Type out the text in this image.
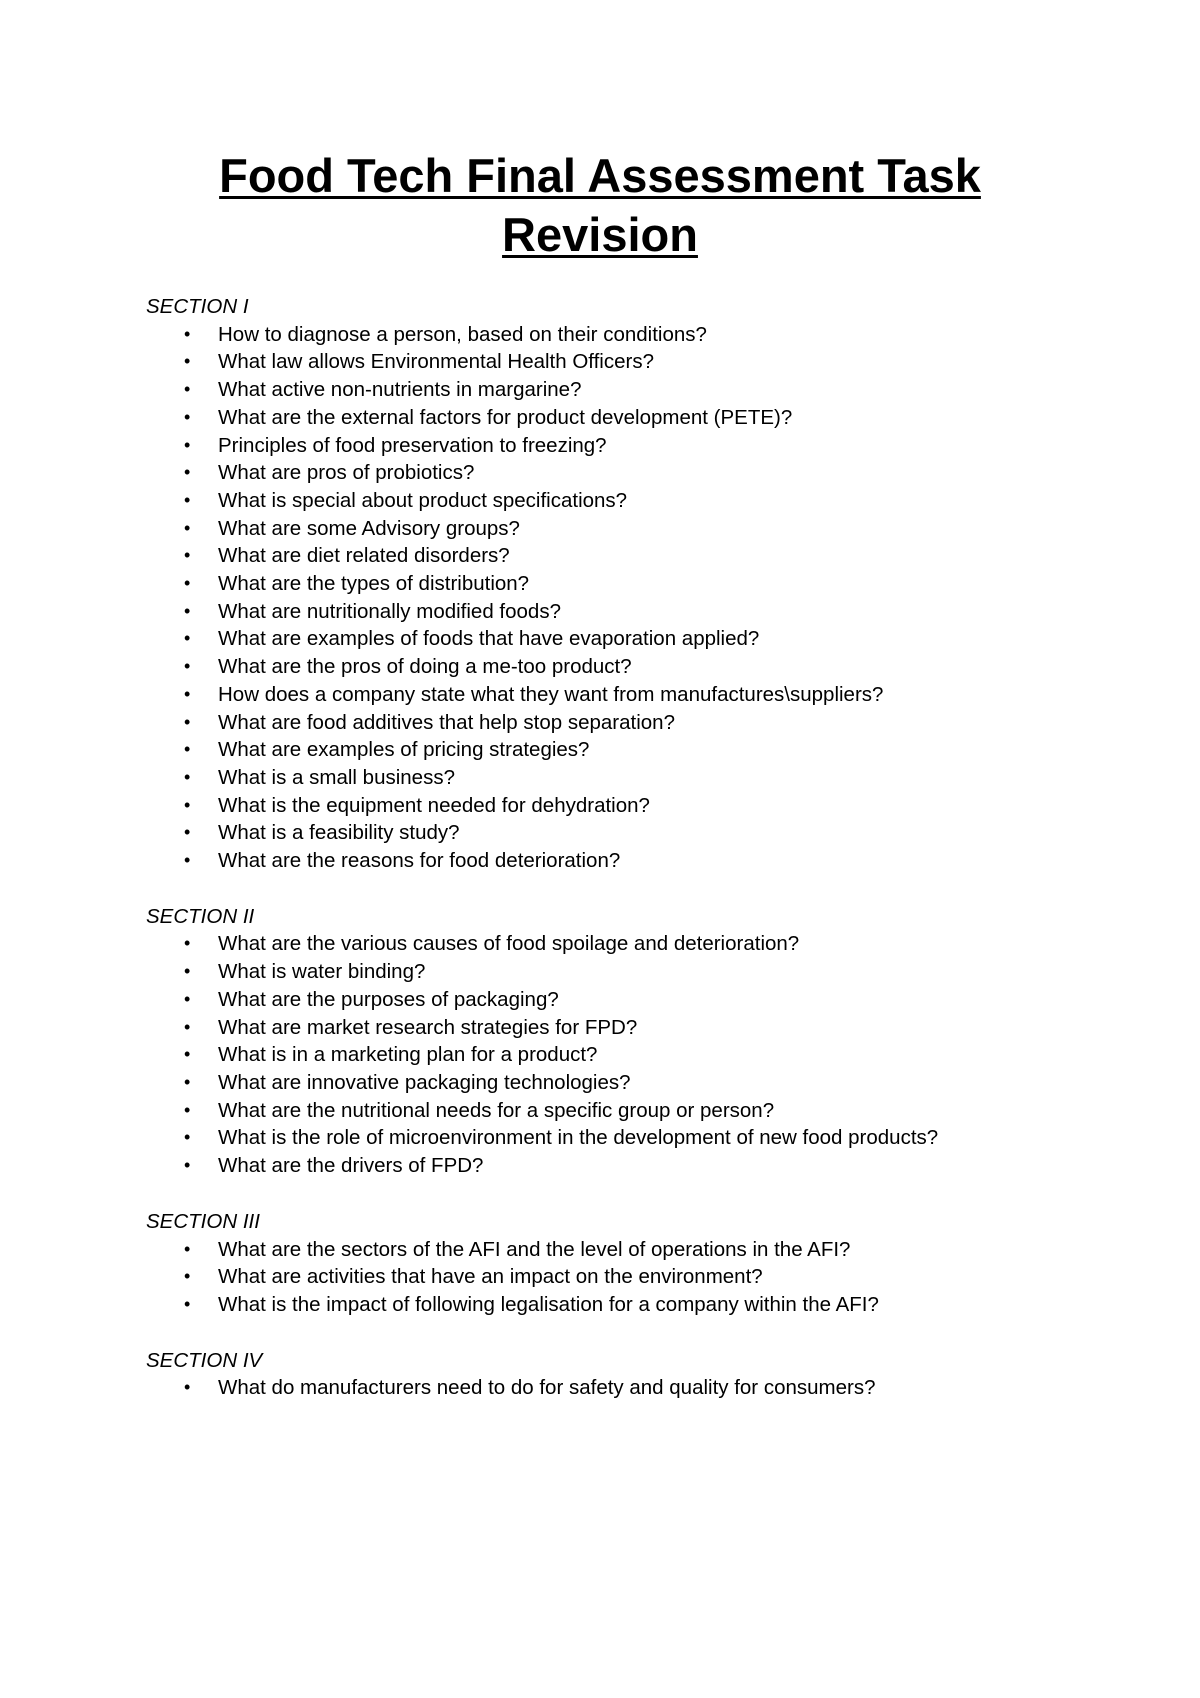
Food Tech Final Assessment Task
Revision

SECTION I

• How to diagnose a person, based on their conditions?
• What law allows Environmental Health Officers?
• What active non-nutrients in margarine?
• What are the external factors for product development (PETE)?
• Principles of food preservation to freezing?
• What are pros of probiotics?
• What is special about product specifications?
• What are some Advisory groups?
• What are diet related disorders?
• What are the types of distribution?
• What are nutritionally modified foods?
• What are examples of foods that have evaporation applied?
• What are the pros of doing a me-too product?
• How does a company state what they want from manufactures\suppliers?
• What are food additives that help stop separation?
• What are examples of pricing strategies?
• What is a small business?
• What is the equipment needed for dehydration?
• What is a feasibility study?
• What are the reasons for food deterioration?

SECTION II

• What are the various causes of food spoilage and deterioration?
• What is water binding?
• What are the purposes of packaging?
• What are market research strategies for FPD?
• What is in a marketing plan for a product?
• What are innovative packaging technologies?
• What are the nutritional needs for a specific group or person?
• What is the role of microenvironment in the development of new food products?
• What are the drivers of FPD?

SECTION III

• What are the sectors of the AFI and the level of operations in the AFI?
• What are activities that have an impact on the environment?
• What is the impact of following legalisation for a company within the AFI?

SECTION IV

• What do manufacturers need to do for safety and quality for consumers?
